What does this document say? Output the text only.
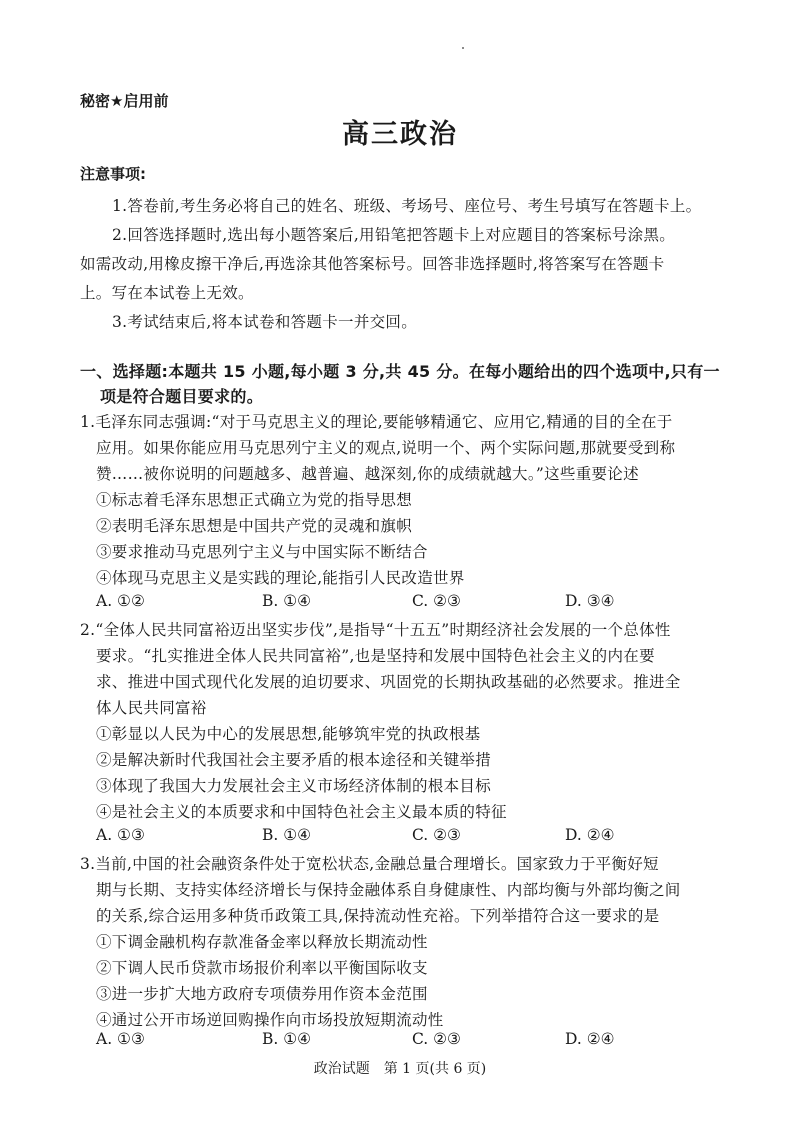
秘密★启用前
高三政治
注意事项:
1.答卷前,考生务必将自己的姓名、班级、考场号、座位号、考生号填写在答题卡上。
2.回答选择题时,选出每小题答案后,用铅笔把答题卡上对应题目的答案标号涂黑。
如需改动,用橡皮擦干净后,再选涂其他答案标号。回答非选择题时,将答案写在答题卡
上。写在本试卷上无效。
3.考试结束后,将本试卷和答题卡一并交回。
一、选择题:本题共 15 小题,每小题 3 分,共 45 分。在每小题给出的四个选项中,只有一
项是符合题目要求的。
1.毛泽东同志强调:“对于马克思主义的理论,要能够精通它、应用它,精通的目的全在于
应用。如果你能应用马克思列宁主义的观点,说明一个、两个实际问题,那就要受到称
赞……被你说明的问题越多、越普遍、越深刻,你的成绩就越大。”这些重要论述
①标志着毛泽东思想正式确立为党的指导思想
②表明毛泽东思想是中国共产党的灵魂和旗帜
③要求推动马克思列宁主义与中国实际不断结合
④体现马克思主义是实践的理论,能指引人民改造世界
A. ①②	B. ①④	C. ②③	D. ③④
2.“全体人民共同富裕迈出坚实步伐”,是指导“十五五”时期经济社会发展的一个总体性
要求。“扎实推进全体人民共同富裕”,也是坚持和发展中国特色社会主义的内在要
求、推进中国式现代化发展的迫切要求、巩固党的长期执政基础的必然要求。推进全
体人民共同富裕
①彰显以人民为中心的发展思想,能够筑牢党的执政根基
②是解决新时代我国社会主要矛盾的根本途径和关键举措
③体现了我国大力发展社会主义市场经济体制的根本目标
④是社会主义的本质要求和中国特色社会主义最本质的特征
A. ①③	B. ①④	C. ②③	D. ②④
3.当前,中国的社会融资条件处于宽松状态,金融总量合理增长。国家致力于平衡好短
期与长期、支持实体经济增长与保持金融体系自身健康性、内部均衡与外部均衡之间
的关系,综合运用多种货币政策工具,保持流动性充裕。下列举措符合这一要求的是
①下调金融机构存款准备金率以释放长期流动性
②下调人民币贷款市场报价利率以平衡国际收支
③进一步扩大地方政府专项债券用作资本金范围
④通过公开市场逆回购操作向市场投放短期流动性
A. ①③	B. ①④	C. ②③	D. ②④
政治试题　第 1 页(共 6 页)
